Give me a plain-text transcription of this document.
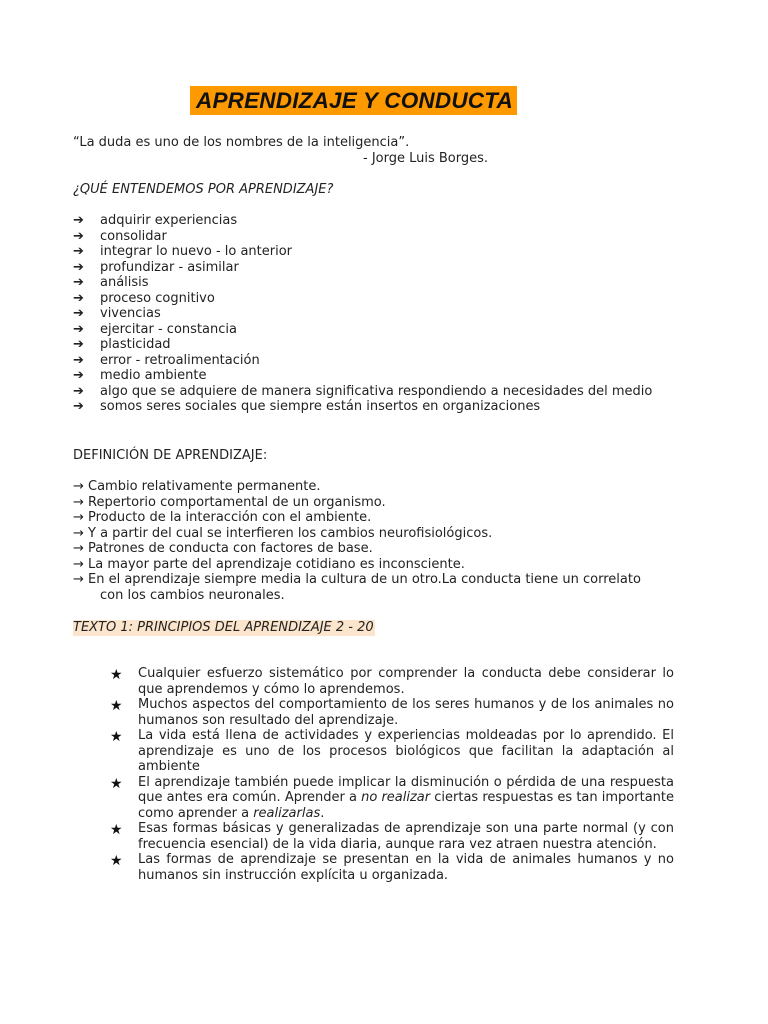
APRENDIZAJE Y CONDUCTA
“La duda es uno de los nombres de la inteligencia”.
- Jorge Luis Borges.
¿QUÉ ENTENDEMOS POR APRENDIZAJE?
➔	adquirir experiencias
➔	consolidar
➔	integrar lo nuevo - lo anterior
➔	profundizar - asimilar
➔	análisis
➔	proceso cognitivo
➔	vivencias
➔	ejercitar - constancia
➔	plasticidad
➔	error - retroalimentación
➔	medio ambiente
➔	algo que se adquiere de manera significativa respondiendo a necesidades del medio
➔	somos seres sociales que siempre están insertos en organizaciones
DEFINICIÓN DE APRENDIZAJE:
→ Cambio relativamente permanente.
→ Repertorio comportamental de un organismo.
→ Producto de la interacción con el ambiente.
→ Y a partir del cual se interfieren los cambios neurofisiológicos.
→ Patrones de conducta con factores de base.
→ La mayor parte del aprendizaje cotidiano es inconsciente.
→ En el aprendizaje siempre media la cultura de un otro.La conducta tiene un correlato
con los cambios neuronales.
TEXTO 1: PRINCIPIOS DEL APRENDIZAJE 2 - 20
★	Cualquier esfuerzo sistemático por comprender la conducta debe considerar lo que aprendemos y cómo lo aprendemos.
★	Muchos aspectos del comportamiento de los seres humanos y de los animales no humanos son resultado del aprendizaje.
★	La vida está llena de actividades y experiencias moldeadas por lo aprendido. El aprendizaje es uno de los procesos biológicos que facilitan la adaptación al ambiente
★	El aprendizaje también puede implicar la disminución o pérdida de una respuesta que antes era común. Aprender a no realizar ciertas respuestas es tan importante como aprender a realizarlas.
★	Esas formas básicas y generalizadas de aprendizaje son una parte normal (y con frecuencia esencial) de la vida diaria, aunque rara vez atraen nuestra atención.
★	Las formas de aprendizaje se presentan en la vida de animales humanos y no humanos sin instrucción explícita u organizada.
